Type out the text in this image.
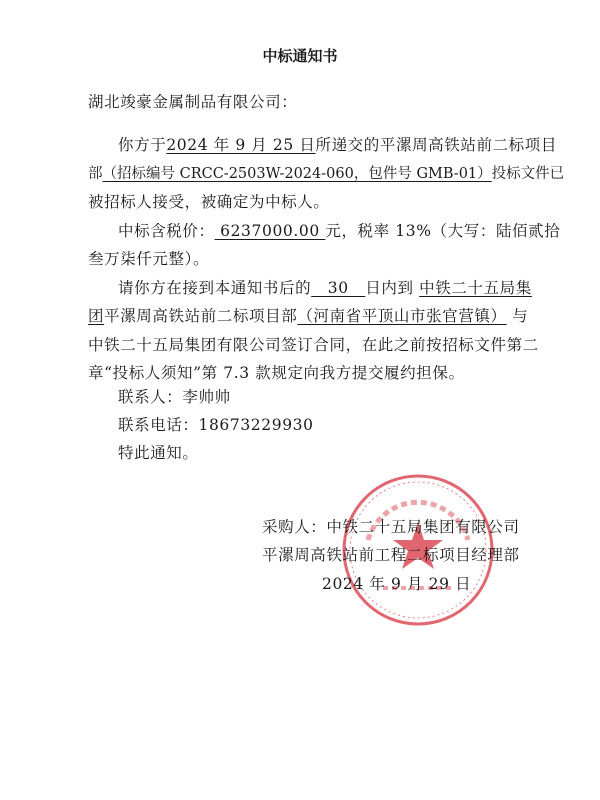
中标通知书
湖北竣豪金属制品有限公司：
你方于2024 年 9 月 25 日所递交的平漯周高铁站前二标项目
部（招标编号 CRCC-2503W-2024-060，包件号 GMB-01）投标文件已
被招标人接受，被确定为中标人。
中标含税价： 6237000.00 元，税率 13%（大写：陆佰贰拾
叁万柒仟元整）。
请你方在接到本通知书后的   30   日内到 中铁二十五局集
团平漯周高铁站前二标项目部（河南省平顶山市张官营镇） 与
中铁二十五局集团有限公司签订合同，在此之前按招标文件第二
章“投标人须知”第 7.3 款规定向我方提交履约担保。
联系人：李帅帅
联系电话：18673229930
特此通知。
采购人：中铁二十五局集团有限公司
平漯周高铁站前工程二标项目经理部
2024 年 9 月 29 日
